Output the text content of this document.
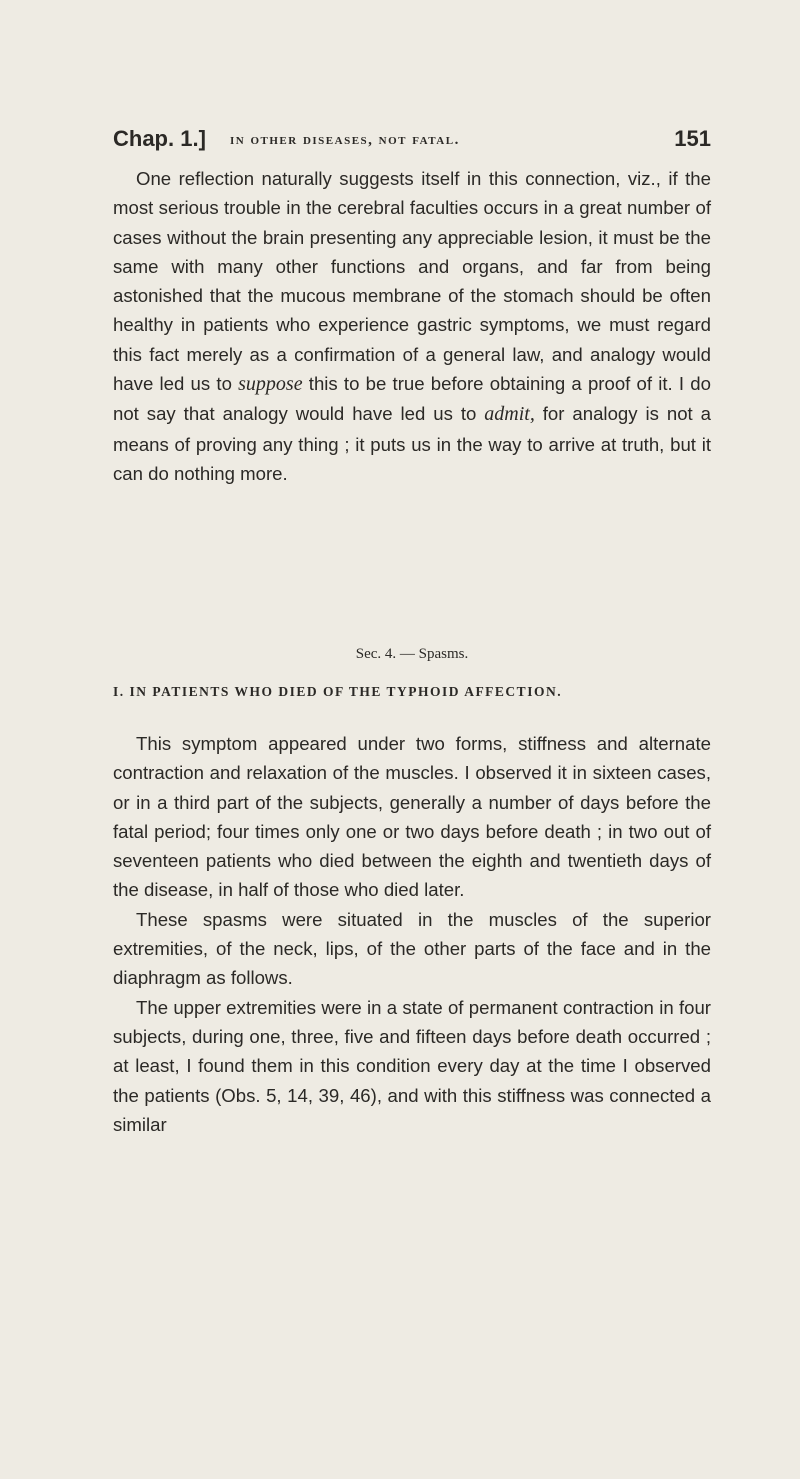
Chap. 1.] in other diseases, not fatal.	151

One reflection naturally suggests itself in this connection, viz., if the most serious trouble in the cerebral faculties occurs in a great number of cases without the brain presenting any appreciable lesion, it must be the same with many other functions and organs, and far from being astonished that the mucous membrane of the stomach should be often healthy in patients who experience gastric symptoms, we must regard this fact merely as a confirmation of a general law, and analogy would have led us to suppose this to be true before obtaining a proof of it. I do not say that analogy would have led us to admit, for analogy is not a means of proving any thing ; it puts us in the way to arrive at truth, but it can do nothing more.

Sec. 4. — Spasms.
I. IN PATIENTS WHO DIED OF THE TYPHOID AFFECTION.

This symptom appeared under two forms, stiffness and alternate contraction and relaxation of the muscles. I observed it in sixteen cases, or in a third part of the subjects, generally a number of days before the fatal period; four times only one or two days before death ; in two out of seventeen patients who died between the eighth and twentieth days of the disease, in half of those who died later.

These spasms were situated in the muscles of the superior extremities, of the neck, lips, of the other parts of the face and in the diaphragm as follows.

The upper extremities were in a state of permanent contraction in four subjects, during one, three, five and fifteen days before death occurred ; at least, I found them in this condition every day at the time I observed the patients (Obs. 5, 14, 39, 46), and with this stiffness was connected a similar
